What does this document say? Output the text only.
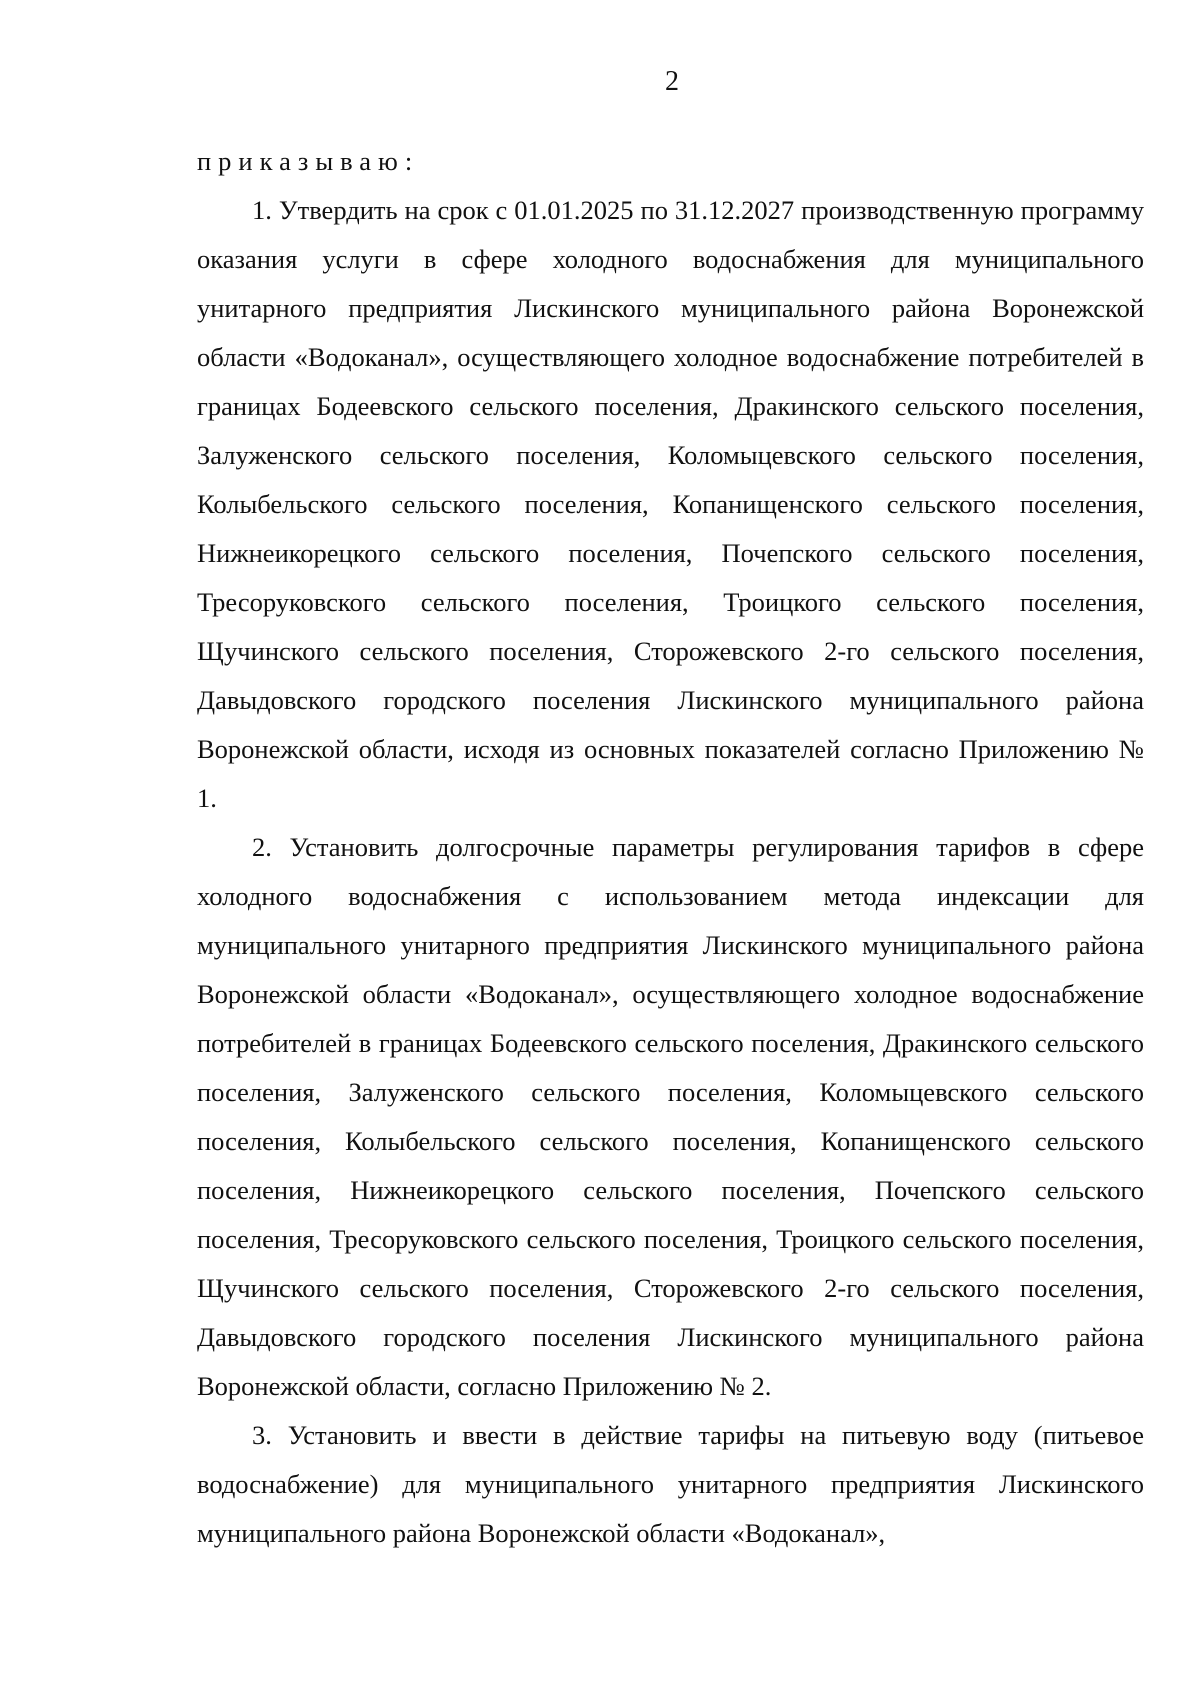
2

приказываю:

1. Утвердить на срок с 01.01.2025 по 31.12.2027 производственную программу оказания услуги в сфере холодного водоснабжения для муниципального унитарного предприятия Лискинского муниципального района Воронежской области «Водоканал», осуществляющего холодное водоснабжение потребителей в границах Бодеевского сельского поселения, Дракинского сельского поселения, Залуженского сельского поселения, Коломыцевского сельского поселения, Колыбельского сельского поселения, Копанищенского сельского поселения, Нижнеикорецкого сельского поселения, Почепского сельского поселения, Тресоруковского сельского поселения, Троицкого сельского поселения, Щучинского сельского поселения, Сторожевского 2-го сельского поселения, Давыдовского городского поселения Лискинского муниципального района Воронежской области, исходя из основных показателей согласно Приложению № 1.

2. Установить долгосрочные параметры регулирования тарифов в сфере холодного водоснабжения с использованием метода индексации для муниципального унитарного предприятия Лискинского муниципального района Воронежской области «Водоканал», осуществляющего холодное водоснабжение потребителей в границах Бодеевского сельского поселения, Дракинского сельского поселения, Залуженского сельского поселения, Коломыцевского сельского поселения, Колыбельского сельского поселения, Копанищенского сельского поселения, Нижнеикорецкого сельского поселения, Почепского сельского поселения, Тресоруковского сельского поселения, Троицкого сельского поселения, Щучинского сельского поселения, Сторожевского 2-го сельского поселения, Давыдовского городского поселения Лискинского муниципального района Воронежской области, согласно Приложению № 2.

3. Установить и ввести в действие тарифы на питьевую воду (питьевое водоснабжение) для муниципального унитарного предприятия Лискинского муниципального района Воронежской области «Водоканал»,
